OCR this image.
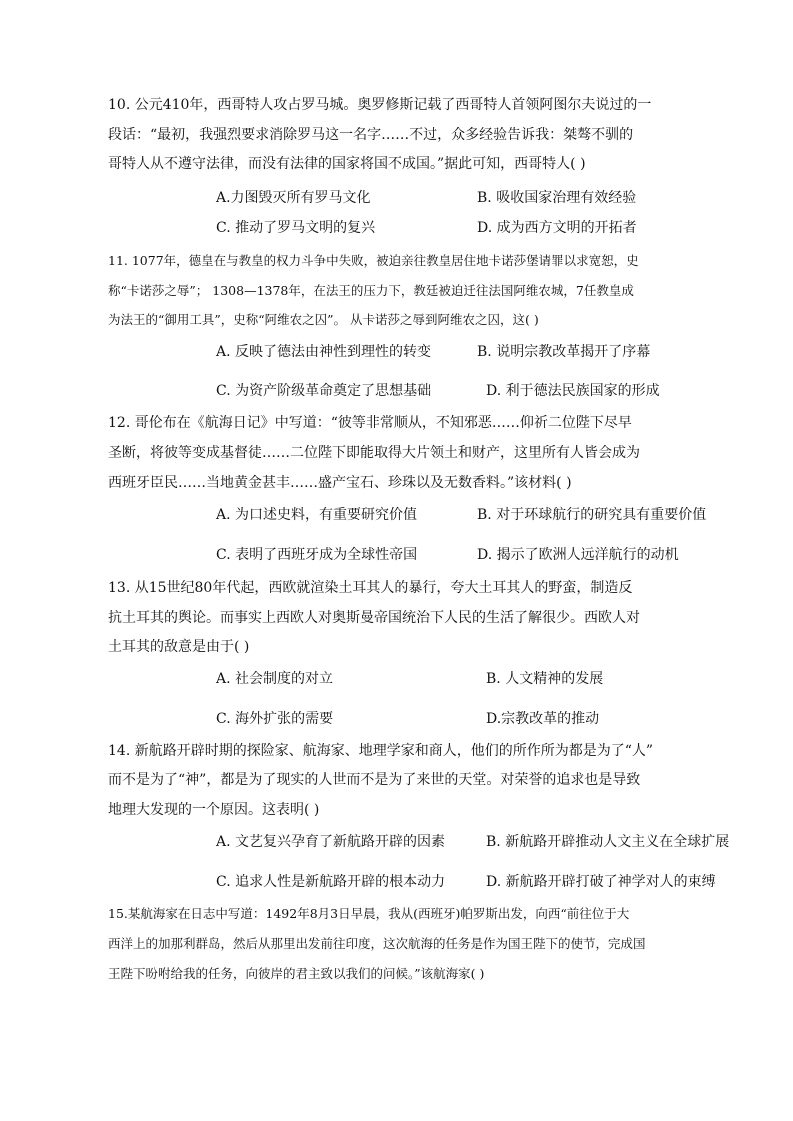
10. 公元410年，西哥特人攻占罗马城。奥罗修斯记载了西哥特人首领阿图尔夫说过的一
段话：“最初，我强烈要求消除罗马这一名字……不过，众多经验告诉我：桀骜不驯的
哥特人从不遵守法律，而没有法律的国家将国不成国。”据此可知，西哥特人( )
A.力图毁灭所有罗马文化	B. 吸收国家治理有效经验
C. 推动了罗马文明的复兴	D. 成为西方文明的开拓者
11. 1077年，德皇在与教皇的权力斗争中失败，被迫亲往教皇居住地卡诺莎堡请罪以求宽恕，史
称“卡诺莎之辱”； 1308—1378年，在法王的压力下，教廷被迫迁往法国阿维农城，7任教皇成
为法王的“御用工具”，史称“阿维农之囚”。 从卡诺莎之辱到阿维农之囚，这( )
A. 反映了德法由神性到理性的转变	B. 说明宗教改革揭开了序幕
C. 为资产阶级革命奠定了思想基础	D. 利于德法民族国家的形成
12. 哥伦布在《航海日记》中写道：“彼等非常顺从，不知邪恶……仰祈二位陛下尽早
圣断，将彼等变成基督徒……二位陛下即能取得大片领土和财产，这里所有人皆会成为
西班牙臣民……当地黄金甚丰……盛产宝石、珍珠以及无数香料。”该材料( )
A. 为口述史料，有重要研究价值	B. 对于环球航行的研究具有重要价值
C. 表明了西班牙成为全球性帝国	D. 揭示了欧洲人远洋航行的动机
13. 从15世纪80年代起，西欧就渲染土耳其人的暴行，夸大土耳其人的野蛮，制造反
抗土耳其的舆论。而事实上西欧人对奥斯曼帝国统治下人民的生活了解很少。西欧人对
土耳其的敌意是由于( )
A. 社会制度的对立	B. 人文精神的发展
C. 海外扩张的需要	D.宗教改革的推动
14. 新航路开辟时期的探险家、航海家、地理学家和商人，他们的所作所为都是为了“人”
而不是为了“神”，都是为了现实的人世而不是为了来世的天堂。对荣誉的追求也是导致
地理大发现的一个原因。这表明( )
A. 文艺复兴孕育了新航路开辟的因素	B. 新航路开辟推动人文主义在全球扩展
C. 追求人性是新航路开辟的根本动力	D. 新航路开辟打破了神学对人的束缚
15.某航海家在日志中写道：1492年8月3日早晨，我从(西班牙)帕罗斯出发，向西“前往位于大
西洋上的加那利群岛，然后从那里出发前往印度，这次航海的任务是作为国王陛下的使节，完成国
王陛下吩咐给我的任务，向彼岸的君主致以我们的问候。”该航海家( )
